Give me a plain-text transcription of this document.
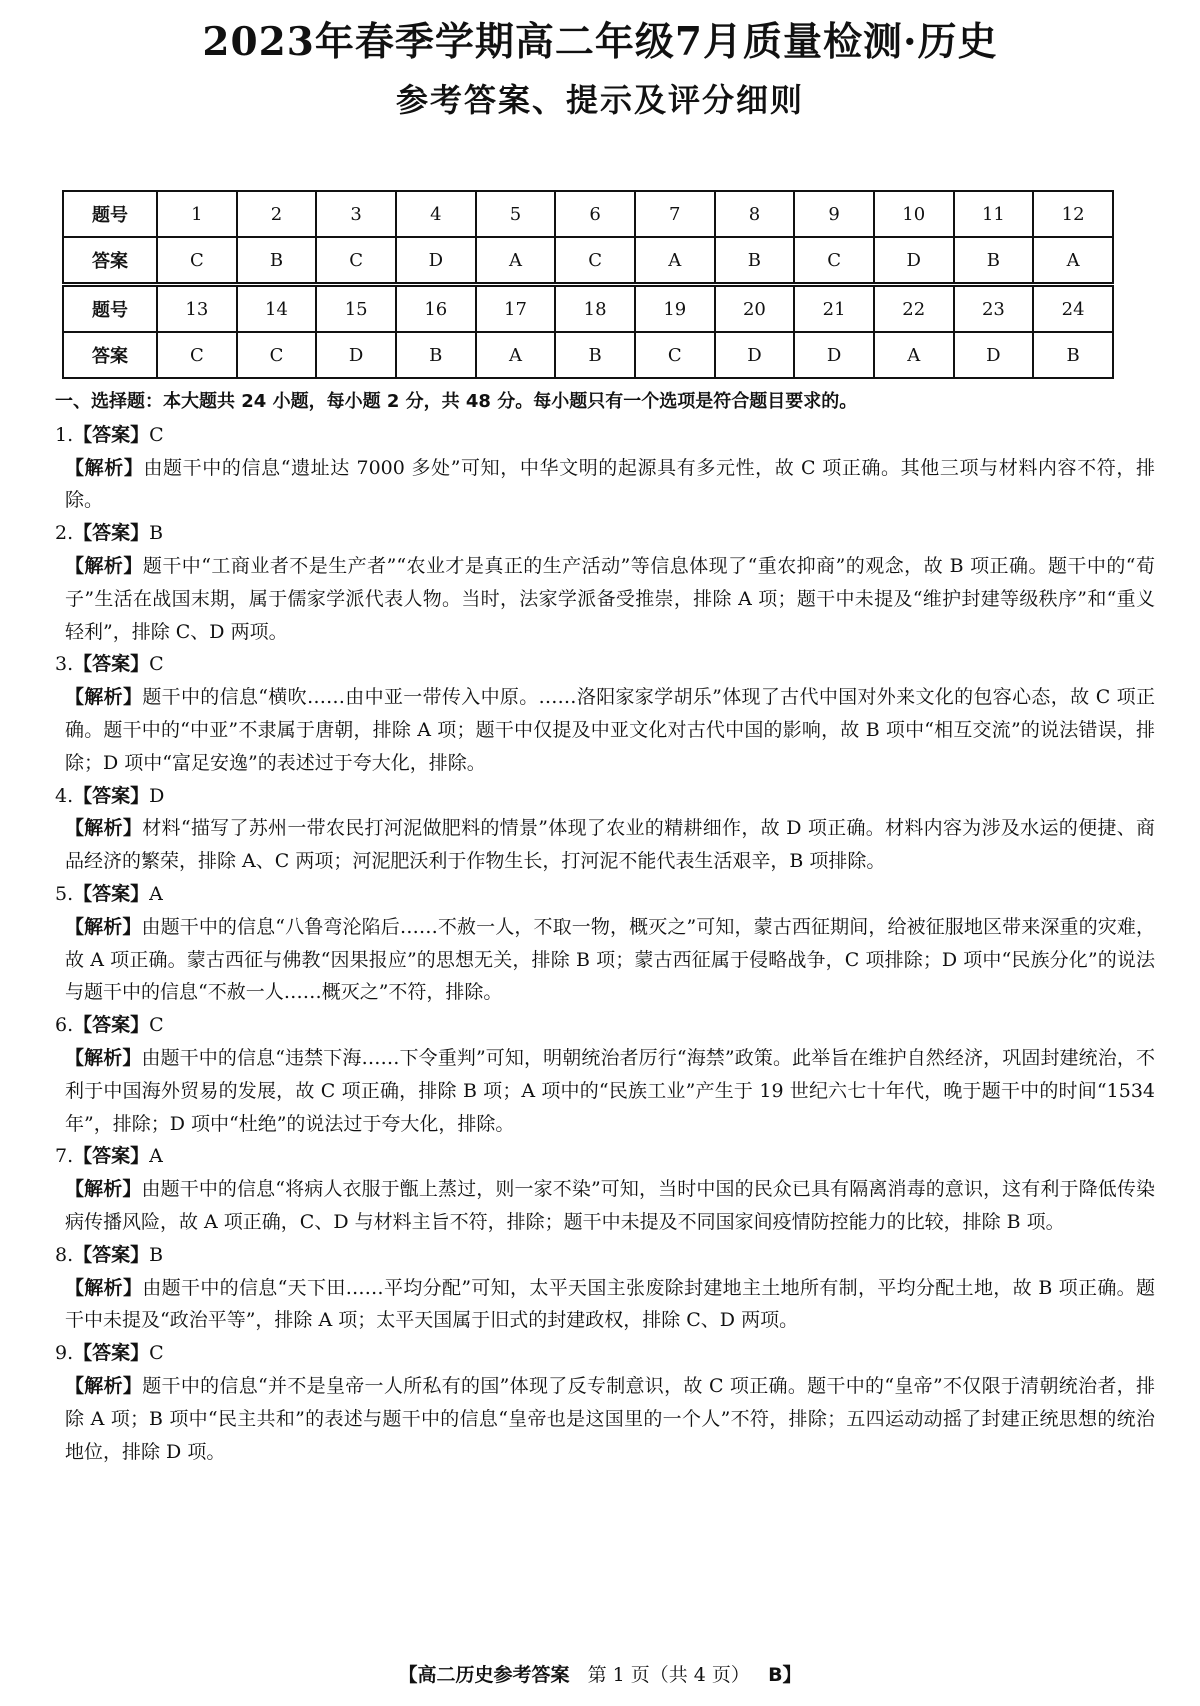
2023年春季学期高二年级7月质量检测·历史
参考答案、提示及评分细则
题号	1	2	3	4	5	6	7	8	9	10	11	12
答案	C	B	C	D	A	C	A	B	C	D	B	A
题号	13	14	15	16	17	18	19	20	21	22	23	24
答案	C	C	D	B	A	B	C	D	D	A	D	B
一、选择题：本大题共 24 小题，每小题 2 分，共 48 分。每小题只有一个选项是符合题目要求的。
1.【答案】C
【解析】由题干中的信息“遗址达 7000 多处”可知，中华文明的起源具有多元性，故 C 项正确。其他三项与材料内容不符，排除。
2.【答案】B
【解析】题干中“工商业者不是生产者”“农业才是真正的生产活动”等信息体现了“重农抑商”的观念，故 B 项正确。题干中的“荀子”生活在战国末期，属于儒家学派代表人物。当时，法家学派备受推崇，排除 A 项；题干中未提及“维护封建等级秩序”和“重义轻利”，排除 C、D 两项。
3.【答案】C
【解析】题干中的信息“横吹……由中亚一带传入中原。……洛阳家家学胡乐”体现了古代中国对外来文化的包容心态，故 C 项正确。题干中的“中亚”不隶属于唐朝，排除 A 项；题干中仅提及中亚文化对古代中国的影响，故 B 项中“相互交流”的说法错误，排除；D 项中“富足安逸”的表述过于夸大化，排除。
4.【答案】D
【解析】材料“描写了苏州一带农民打河泥做肥料的情景”体现了农业的精耕细作，故 D 项正确。材料内容为涉及水运的便捷、商品经济的繁荣，排除 A、C 两项；河泥肥沃利于作物生长，打河泥不能代表生活艰辛，B 项排除。
5.【答案】A
【解析】由题干中的信息“八鲁弯沦陷后……不赦一人，不取一物，概灭之”可知，蒙古西征期间，给被征服地区带来深重的灾难，故 A 项正确。蒙古西征与佛教“因果报应”的思想无关，排除 B 项；蒙古西征属于侵略战争，C 项排除；D 项中“民族分化”的说法与题干中的信息“不赦一人……概灭之”不符，排除。
6.【答案】C
【解析】由题干中的信息“违禁下海……下令重判”可知，明朝统治者厉行“海禁”政策。此举旨在维护自然经济，巩固封建统治，不利于中国海外贸易的发展，故 C 项正确，排除 B 项；A 项中的“民族工业”产生于 19 世纪六七十年代，晚于题干中的时间“1534 年”，排除；D 项中“杜绝”的说法过于夸大化，排除。
7.【答案】A
【解析】由题干中的信息“将病人衣服于甑上蒸过，则一家不染”可知，当时中国的民众已具有隔离消毒的意识，这有利于降低传染病传播风险，故 A 项正确，C、D 与材料主旨不符，排除；题干中未提及不同国家间疫情防控能力的比较，排除 B 项。
8.【答案】B
【解析】由题干中的信息“天下田……平均分配”可知，太平天国主张废除封建地主土地所有制，平均分配土地，故 B 项正确。题干中未提及“政治平等”，排除 A 项；太平天国属于旧式的封建政权，排除 C、D 两项。
9.【答案】C
【解析】题干中的信息“并不是皇帝一人所私有的国”体现了反专制意识，故 C 项正确。题干中的“皇帝”不仅限于清朝统治者，排除 A 项；B 项中“民主共和”的表述与题干中的信息“皇帝也是这国里的一个人”不符，排除；五四运动动摇了封建正统思想的统治地位，排除 D 项。
【高二历史参考答案 第 1 页（共 4 页） B】
